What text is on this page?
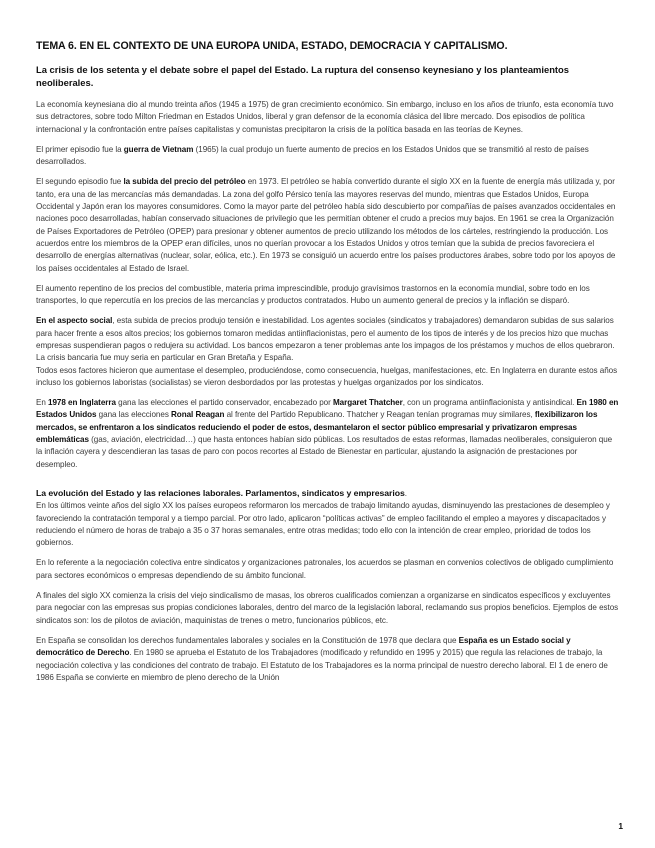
TEMA 6. EN EL CONTEXTO DE UNA EUROPA UNIDA, ESTADO, DEMOCRACIA Y CAPITALISMO.
La crisis de los setenta y el debate sobre el papel del Estado. La ruptura del consenso keynesiano y los planteamientos neoliberales.

La economía keynesiana dio al mundo treinta años (1945 a 1975) de gran crecimiento económico. Sin embargo, incluso en los años de triunfo, esta economía tuvo sus detractores, sobre todo Milton Friedman en Estados Unidos, liberal y gran defensor de la economía clásica del libre mercado. Dos episodios de política internacional y la confrontación entre países capitalistas y comunistas precipitaron la crisis de la política basada en las teorías de Keynes.

El primer episodio fue la guerra de Vietnam (1965) la cual produjo un fuerte aumento de precios en los Estados Unidos que se transmitió al resto de países desarrollados.

El segundo episodio fue la subida del precio del petróleo en 1973. El petróleo se había convertido durante el siglo XX en la fuente de energía más utilizada y, por tanto, era una de las mercancías más demandadas. La zona del golfo Pérsico tenía las mayores reservas del mundo, mientras que Estados Unidos, Europa Occidental y Japón eran los mayores consumidores. Como la mayor parte del petróleo había sido descubierto por compañías de países avanzados occidentales en naciones poco desarrolladas, habían conservado situaciones de privilegio que les permitían obtener el crudo a precios muy bajos. En 1961 se crea la Organización de Países Exportadores de Petróleo (OPEP) para presionar y obtener aumentos de precio utilizando los métodos de los cárteles, restringiendo la producción. Los acuerdos entre los miembros de la OPEP eran difíciles, unos no querían provocar a los Estados Unidos y otros temían que la subida de precios favoreciera el desarrollo de energías alternativas (nuclear, solar, eólica, etc.). En 1973 se consiguió un acuerdo entre los países productores árabes, sobre todo por los apoyos de los países occidentales al Estado de Israel.

El aumento repentino de los precios del combustible, materia prima imprescindible, produjo gravísimos trastornos en la economía mundial, sobre todo en los transportes, lo que repercutía en los precios de las mercancías y productos contratados. Hubo un aumento general de precios y la inflación se disparó.

En el aspecto social, esta subida de precios produjo tensión e inestabilidad. Los agentes sociales (sindicatos y trabajadores) demandaron subidas de sus salarios para hacer frente a esos altos precios; los gobiernos tomaron medidas antiinflacionistas, pero el aumento de los tipos de interés y de los precios hizo que muchas empresas suspendieran pagos o redujera su actividad. Los bancos empezaron a tener problemas ante los impagos de los préstamos y muchos de ellos quebraron. La crisis bancaria fue muy seria en particular en Gran Bretaña y España.

Todos esos factores hicieron que aumentase el desempleo, produciéndose, como consecuencia, huelgas, manifestaciones, etc. En Inglaterra en durante estos años incluso los gobiernos laboristas (socialistas) se vieron desbordados por las protestas y huelgas organizados por los sindicatos.

En 1978 en Inglaterra gana las elecciones el partido conservador, encabezado por Margaret Thatcher, con un programa antiinflacionista y antisindical. En 1980 en Estados Unidos gana las elecciones Ronal Reagan al frente del Partido Republicano. Thatcher y Reagan tenían programas muy similares, flexibilizaron los mercados, se enfrentaron a los sindicatos reduciendo el poder de estos, desmantelaron el sector público empresarial y privatizaron empresas emblemáticas (gas, aviación, electricidad…) que hasta entonces habían sido públicas. Los resultados de estas reformas, llamadas neoliberales, consiguieron que la inflación cayera y descendieran las tasas de paro con pocos recortes al Estado de Bienestar en particular, ajustando la asignación de prestaciones por desempleo.

La evolución del Estado y las relaciones laborales. Parlamentos, sindicatos y empresarios.

En los últimos veinte años del siglo XX los países europeos reformaron los mercados de trabajo limitando ayudas, disminuyendo las prestaciones de desempleo y favoreciendo la contratación temporal y a tiempo parcial. Por otro lado, aplicaron “políticas activas” de empleo facilitando el empleo a mayores y discapacitados y reduciendo el número de horas de trabajo a 35 o 37 horas semanales, entre otras medidas; todo ello con la intención de crear empleo, prioridad de todos los gobiernos.

En lo referente a la negociación colectiva entre sindicatos y organizaciones patronales, los acuerdos se plasman en convenios colectivos de obligado cumplimiento para sectores económicos o empresas dependiendo de su ámbito funcional.

A finales del siglo XX comienza la crisis del viejo sindicalismo de masas, los obreros cualificados comienzan a organizarse en sindicatos específicos y excluyentes para negociar con las empresas sus propias condiciones laborales, dentro del marco de la legislación laboral, reclamando sus propios beneficios. Ejemplos de estos sindicatos son: los de pilotos de aviación, maquinistas de trenes o metro, funcionarios públicos, etc.

En España se consolidan los derechos fundamentales laborales y sociales en la Constitución de 1978 que declara que España es un Estado social y democrático de Derecho. En 1980 se aprueba el Estatuto de los Trabajadores (modificado y refundido en 1995 y 2015) que regula las relaciones de trabajo, la negociación colectiva y las condiciones del contrato de trabajo. El Estatuto de los Trabajadores es la norma principal de nuestro derecho laboral. El 1 de enero de 1986 España se convierte en miembro de pleno derecho de la Unión

1
